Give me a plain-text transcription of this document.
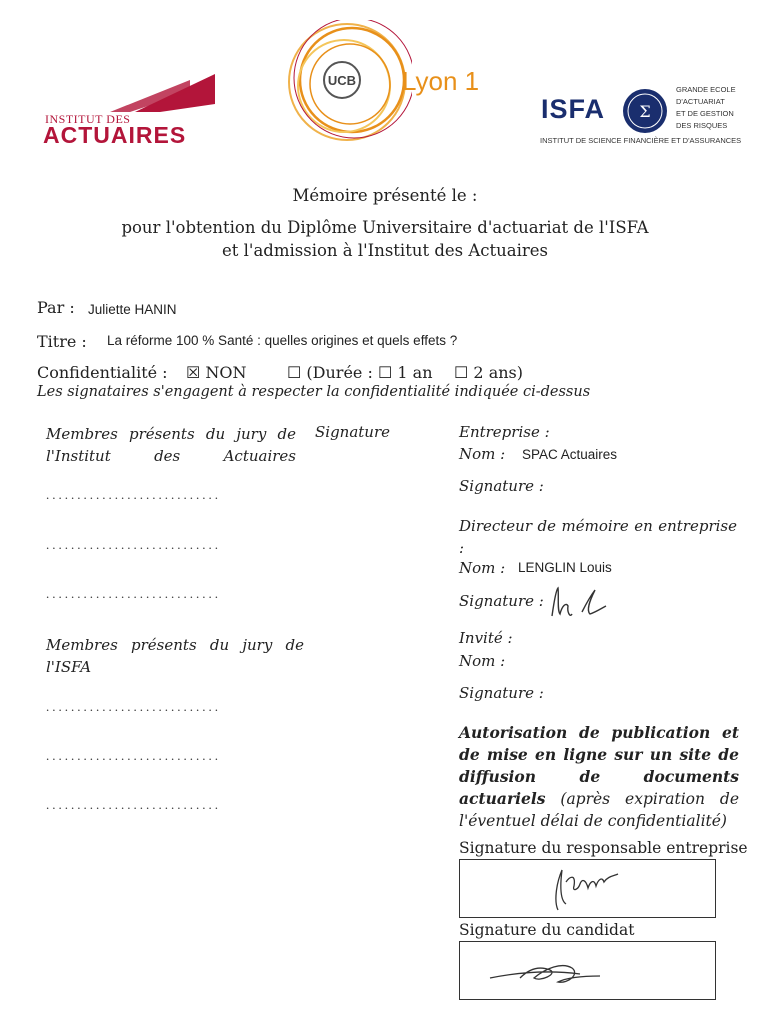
INSTITUT DES
ACTUAIRES
UCB Lyon 1
ISFA Σ
GRANDE ECOLE
D'ACTUARIAT
ET DE GESTION
DES RISQUES
INSTITUT DE SCIENCE FINANCIÈRE ET D'ASSURANCES
Mémoire présenté le :
pour l'obtention du Diplôme Universitaire d'actuariat de l'ISFA
et l'admission à l'Institut des Actuaires
Par : Juliette HANIN
Titre : La réforme 100 % Santé : quelles origines et quels effets ?
Confidentialité : ☒ NON	☐ (Durée : ☐ 1 an ☐ 2 ans)
Les signataires s'engagent à respecter la confidentialité indiquée ci-dessus
Membres présents du jury de l'Institut des Actuaires
Signature
............................
............................
............................
Membres présents du jury de l'ISFA
............................
............................
............................
Entreprise :
Nom : SPAC Actuaires
Signature :
Directeur de mémoire en entreprise :
Nom : LENGLIN Louis
Signature :
Invité :
Nom :
Signature :
Autorisation de publication et de mise en ligne sur un site de diffusion de documents actuariels (après expiration de l'éventuel délai de confidentialité)
Signature du responsable entreprise
Signature du candidat
